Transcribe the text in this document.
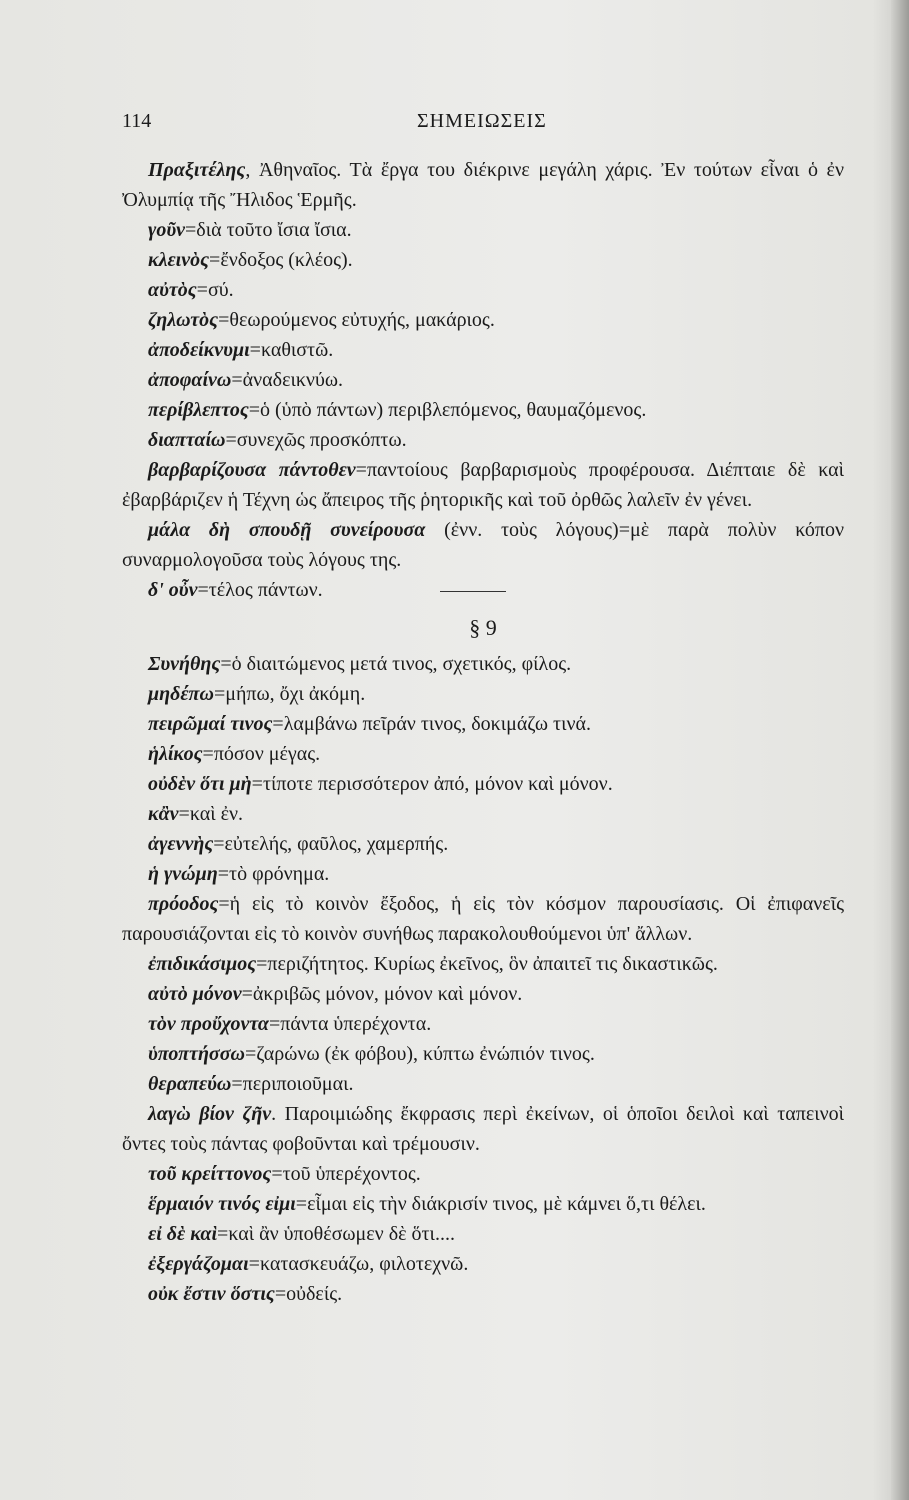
114	ΣΗΜΕΙΩΣΕΙΣ

Πραξιτέλης, Ἀθηναῖος. Τὰ ἔργα του διέκρινε μεγάλη χάρις. Ἐν τούτων εἶναι ὁ ἐν Ὀλυμπίᾳ τῆς Ἤλιδος Ἑρμῆς.

γοῦν=διὰ τοῦτο ἴσια ἴσια.

κλεινὸς=ἔνδοξος (κλέος).

αὐτὸς=σύ.

ζηλωτὸς=θεωρούμενος εὐτυχής, μακάριος.

ἀποδείκνυμι=καθιστῶ.

ἀποφαίνω=ἀναδεικνύω.

περίβλεπτος=ὁ (ὑπὸ πάντων) περιβλεπόμενος, θαυμαζόμενος.

διαπταίω=συνεχῶς προσκόπτω.

βαρβαρίζουσα πάντοθεν=παντοίους βαρβαρισμοὺς προφέρουσα. Διέπταιε δὲ καὶ ἐβαρβάριζεν ἡ Τέχνη ὡς ἄπειρος τῆς ῥητορικῆς καὶ τοῦ ὀρθῶς λαλεῖν ἐν γένει.

μάλα δὴ σπουδῇ συνείρουσα (ἐνν. τοὺς λόγους)=μὲ παρὰ πολὺν κόπον συναρμολογοῦσα τοὺς λόγους της.

δ' οὖν=τέλος πάντων.

§ 9

Συνήθης=ὁ διαιτώμενος μετά τινος, σχετικός, φίλος.

μηδέπω=μήπω, ὄχι ἀκόμη.

πειρῶμαί τινος=λαμβάνω πεῖράν τινος, δοκιμάζω τινά.

ἡλίκος=πόσον μέγας.

οὐδὲν ὅτι μὴ=τίποτε περισσότερον ἀπό, μόνον καὶ μόνον.

κἂν=καὶ ἐν.

ἀγεννὴς=εὐτελής, φαῦλος, χαμερπής.

ἡ γνώμη=τὸ φρόνημα.

πρόοδος=ἡ εἰς τὸ κοινὸν ἔξοδος, ἡ εἰς τὸν κόσμον παρουσίασις. Οἱ ἐπιφανεῖς παρουσιάζονται εἰς τὸ κοινὸν συνήθως παρακολουθούμενοι ὑπ' ἄλλων.

ἐπιδικάσιμος=περιζήτητος. Κυρίως ἐκεῖνος, ὃν ἀπαιτεῖ τις δικαστικῶς.

αὐτὸ μόνον=ἀκριβῶς μόνον, μόνον καὶ μόνον.

τὸν προὔχοντα=πάντα ὑπερέχοντα.

ὑποπτήσσω=ζαρώνω (ἐκ φόβου), κύπτω ἐνώπιόν τινος.

θεραπεύω=περιποιοῦμαι.

λαγὼ βίον ζῆν. Παροιμιώδης ἔκφρασις περὶ ἐκείνων, οἱ ὁποῖοι δειλοὶ καὶ ταπεινοὶ ὄντες τοὺς πάντας φοβοῦνται καὶ τρέμουσιν.

τοῦ κρείττονος=τοῦ ὑπερέχοντος.

ἕρμαιόν τινός εἰμι=εἶμαι εἰς τὴν διάκρισίν τινος, μὲ κάμνει ὅ,τι θέλει.

εἰ δὲ καὶ=καὶ ἂν ὑποθέσωμεν δὲ ὅτι....

ἐξεργάζομαι=κατασκευάζω, φιλοτεχνῶ.

οὐκ ἔστιν ὅστις=οὐδείς.
